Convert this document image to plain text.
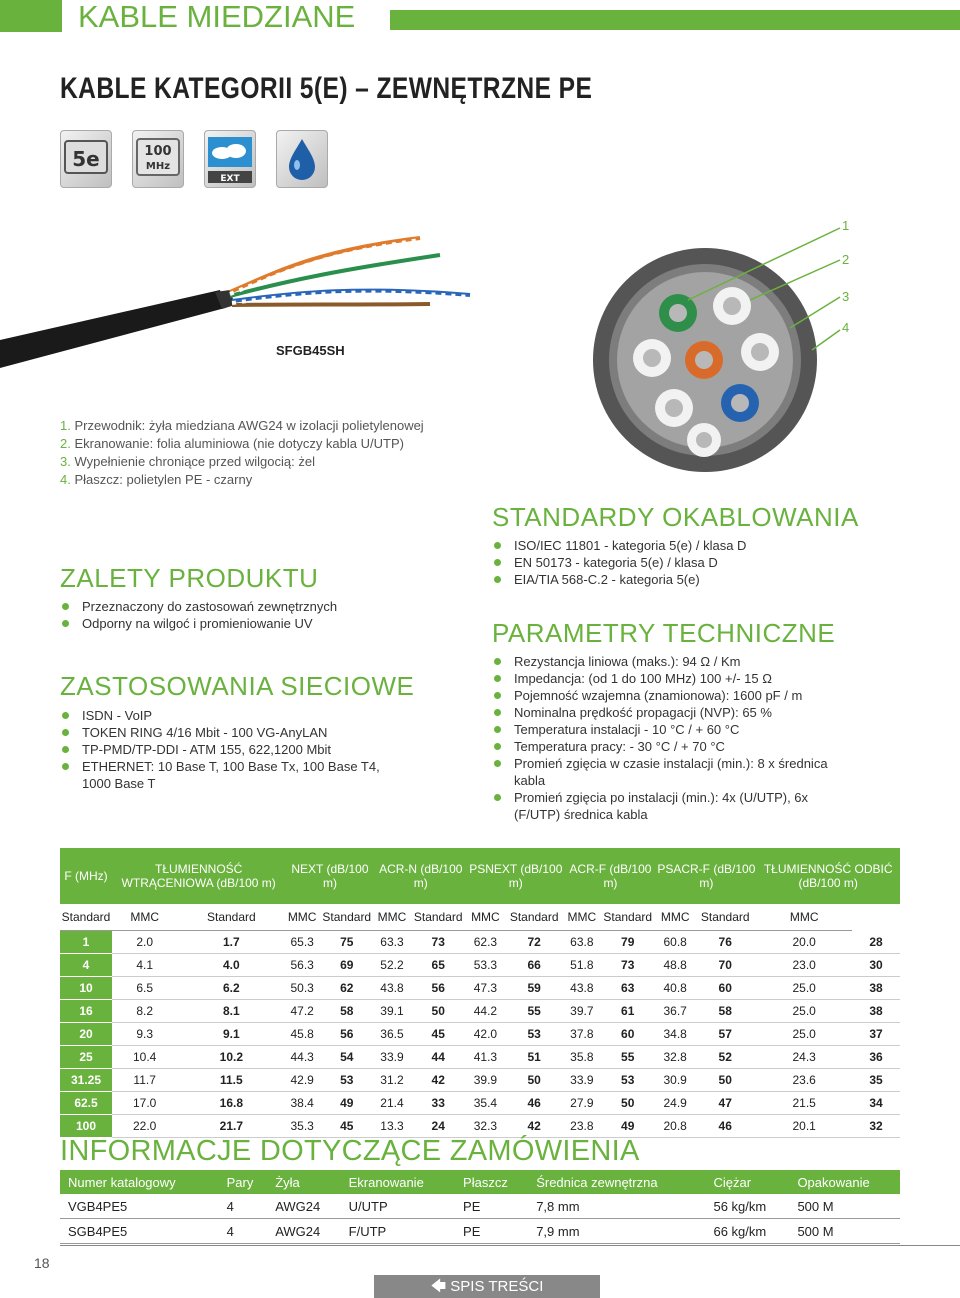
KABLE MIEDZIANE
KABLE KATEGORII 5(E) – ZEWNĘTRZNE PE
5e	100
MHz
EXT
SFGB45SH
1
2
3
4
1. Przewodnik: żyła miedziana AWG24 w izolacji polietylenowej
2. Ekranowanie: folia aluminiowa (nie dotyczy kabla U/UTP)
3. Wypełnienie chroniące przed wilgocią: żel
4. Płaszcz: polietylen PE - czarny
ZALETY PRODUKTU
Przeznaczony do zastosowań zewnętrznych
Odporny na wilgoć i promieniowanie UV
ZASTOSOWANIA SIECIOWE
ISDN - VoIP
TOKEN RING 4/16 Mbit - 100 VG-AnyLAN
TP-PMD/TP-DDI - ATM 155, 622,1200 Mbit
ETHERNET: 10 Base T, 100 Base Tx, 100 Base T4, 1000 Base T
STANDARDY OKABLOWANIA
ISO/IEC 11801 - kategoria 5(e) / klasa D
EN 50173 - kategoria 5(e) / klasa D
EIA/TIA 568-C.2 - kategoria 5(e)
PARAMETRY TECHNICZNE
Rezystancja liniowa (maks.): 94 Ω / Km
Impedancja: (od 1 do 100 MHz) 100 +/- 15 Ω
Pojemność wzajemna (znamionowa): 1600 pF / m
Nominalna prędkość propagacji (NVP): 65 %
Temperatura instalacji - 10 °C / + 60 °C
Temperatura pracy: - 30 °C / + 70 °C
Promień zgięcia w czasie instalacji (min.): 8 x średnica kabla
Promień zgięcia po instalacji (min.): 4x (U/UTP), 6x (F/UTP) średnica kabla
F (MHz)	TŁUMIENNOŚĆ WTRĄCENIOWA (dB/100 m)		NEXT (dB/100 m)		ACR-N (dB/100 m)		PSNEXT (dB/100 m)		ACR-F (dB/100 m)		PSACR-F (dB/100 m)		TŁUMIENNOŚĆ ODBIĆ (dB/100 m)	
Standard	MMC	Standard	MMC	Standard	MMC	Standard	MMC	Standard	MMC	Standard	MMC	Standard	MMC	
1	2.0	1.7	65.3	75	63.3	73	62.3	72	63.8	79	60.8	76	20.0	28
4	4.1	4.0	56.3	69	52.2	65	53.3	66	51.8	73	48.8	70	23.0	30
10	6.5	6.2	50.3	62	43.8	56	47.3	59	43.8	63	40.8	60	25.0	38
16	8.2	8.1	47.2	58	39.1	50	44.2	55	39.7	61	36.7	58	25.0	38
20	9.3	9.1	45.8	56	36.5	45	42.0	53	37.8	60	34.8	57	25.0	37
25	10.4	10.2	44.3	54	33.9	44	41.3	51	35.8	55	32.8	52	24.3	36
31.25	11.7	11.5	42.9	53	31.2	42	39.9	50	33.9	53	30.9	50	23.6	35
62.5	17.0	16.8	38.4	49	21.4	33	35.4	46	27.9	50	24.9	47	21.5	34
100	22.0	21.7	35.3	45	13.3	24	32.3	42	23.8	49	20.8	46	20.1	32
INFORMACJE DOTYCZĄCE ZAMÓWIENIA
Numer katalogowy	Pary	Żyła	Ekranowanie	Płaszcz	Średnica zewnętrzna	Ciężar	Opakowanie
VGB4PE5	4	AWG24	U/UTP	PE	7,8 mm	56 kg/km	500 M
SGB4PE5	4	AWG24	F/UTP	PE	7,9 mm	66 kg/km	500 M
18
🡄 SPIS TREŚCI
